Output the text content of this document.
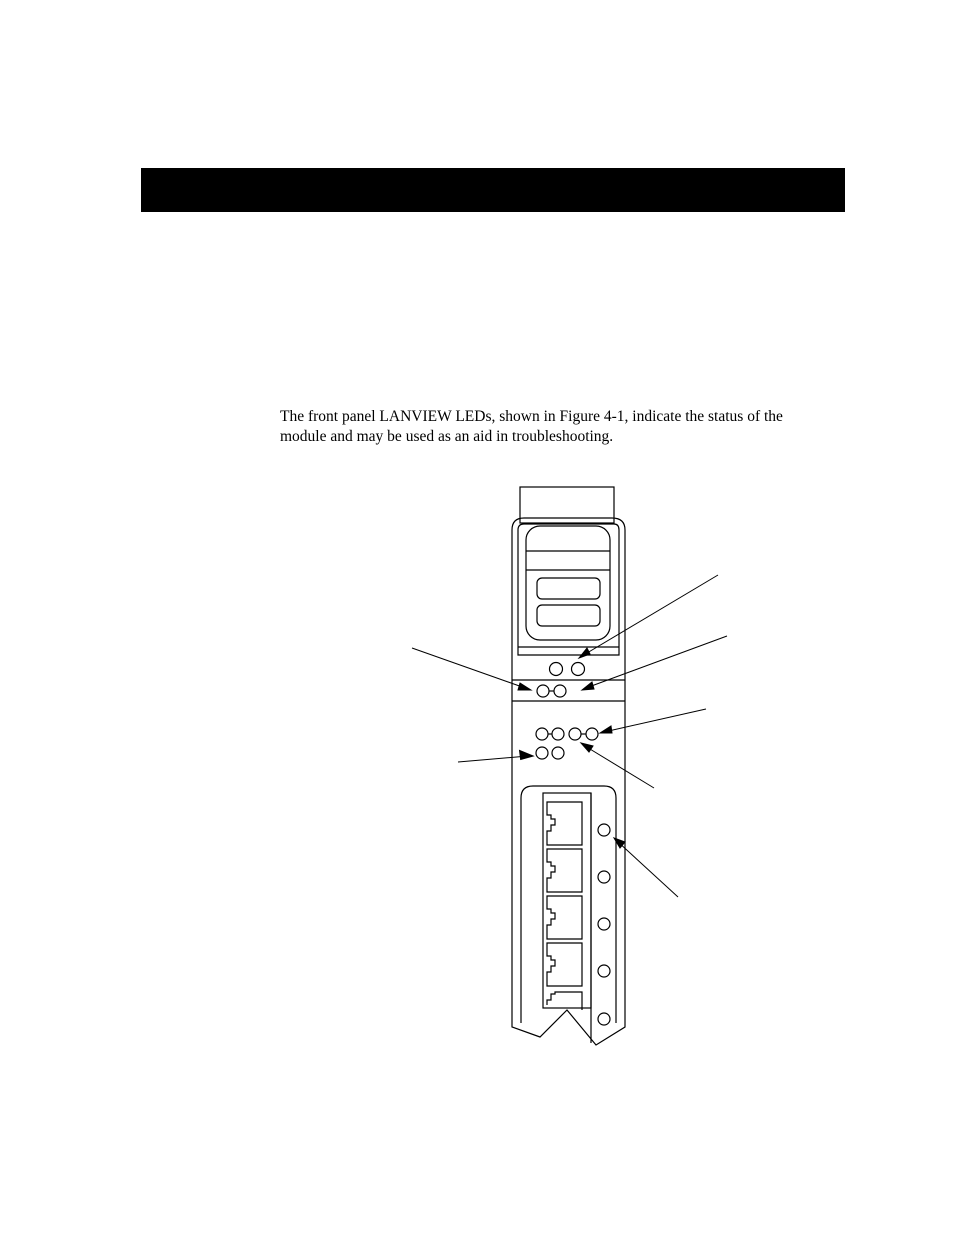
The front panel LANVIEW LEDs, shown in Figure 4-1, indicate the status of the

module and may be used as an aid in troubleshooting.
